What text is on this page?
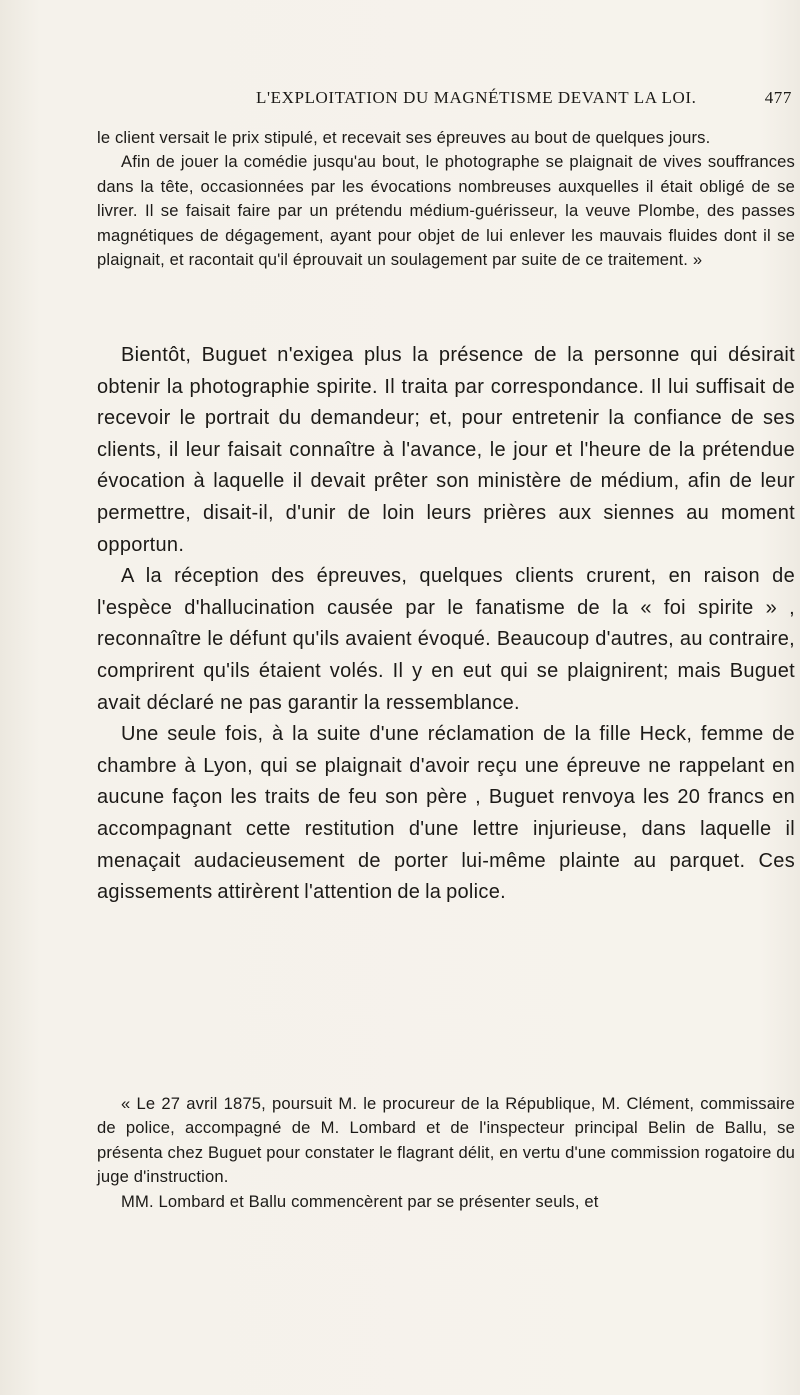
L'EXPLOITATION DU MAGNÉTISME DEVANT LA LOI.	477

le client versait le prix stipulé, et recevait ses épreuves au bout de quelques jours.

Afin de jouer la comédie jusqu'au bout, le photographe se plaignait de vives souffrances dans la tête, occasionnées par les évocations nombreuses auxquelles il était obligé de se livrer. Il se faisait faire par un prétendu médium-guérisseur, la veuve Plombe, des passes magnétiques de dégagement, ayant pour objet de lui enlever les mauvais fluides dont il se plaignait, et racontait qu'il éprouvait un soulagement par suite de ce traitement. »

Bientôt, Buguet n'exigea plus la présence de la personne qui désirait obtenir la photographie spirite. Il traita par correspondance. Il lui suffisait de recevoir le portrait du demandeur; et, pour entretenir la confiance de ses clients, il leur faisait connaître à l'avance, le jour et l'heure de la prétendue évocation à laquelle il devait prêter son ministère de médium, afin de leur permettre, disait-il, d'unir de loin leurs prières aux siennes au moment opportun.

A la réception des épreuves, quelques clients crurent, en raison de l'espèce d'hallucination causée par le fanatisme de la « foi spirite » , reconnaître le défunt qu'ils avaient évoqué. Beaucoup d'autres, au contraire, comprirent qu'ils étaient volés. Il y en eut qui se plaignirent; mais Buguet avait déclaré ne pas garantir la ressemblance.

Une seule fois, à la suite d'une réclamation de la fille Heck, femme de chambre à Lyon, qui se plaignait d'avoir reçu une épreuve ne rappelant en aucune façon les traits de feu son père , Buguet renvoya les 20 francs en accompagnant cette restitution d'une lettre injurieuse, dans laquelle il menaçait audacieusement de porter lui-même plainte au parquet. Ces agissements attirèrent l'attention de la police.

« Le 27 avril 1875, poursuit M. le procureur de la République, M. Clément, commissaire de police, accompagné de M. Lombard et de l'inspecteur principal Belin de Ballu, se présenta chez Buguet pour constater le flagrant délit, en vertu d'une commission rogatoire du juge d'instruction.

MM. Lombard et Ballu commencèrent par se présenter seuls, et
